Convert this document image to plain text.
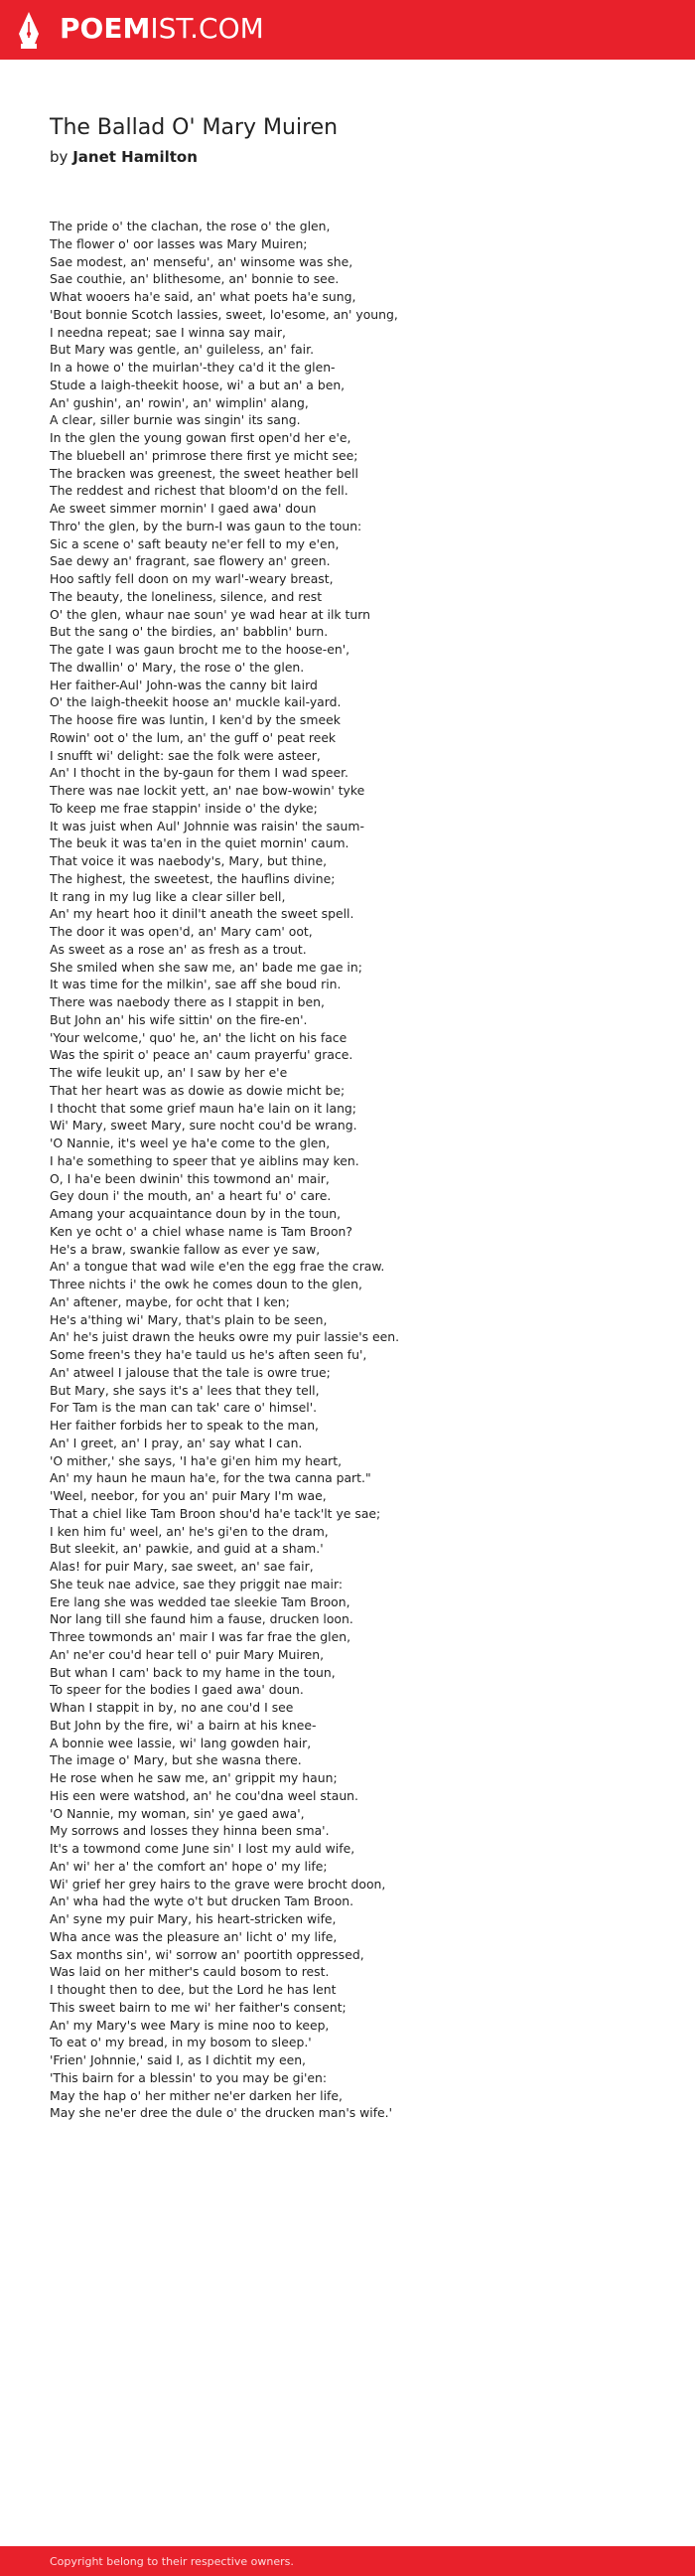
POEMIST.COM
The Ballad O' Mary Muiren
by Janet Hamilton
The pride o' the clachan, the rose o' the glen,
The flower o' oor lasses was Mary Muiren;
Sae modest, an' mensefu', an' winsome was she,
Sae couthie, an' blithesome, an' bonnie to see.
What wooers ha'e said, an' what poets ha'e sung,
'Bout bonnie Scotch lassies, sweet, lo'esome, an' young,
I needna repeat; sae I winna say mair,
But Mary was gentle, an' guileless, an' fair.
In a howe o' the muirlan'-they ca'd it the glen-
Stude a laigh-theekit hoose, wi' a but an' a ben,
An' gushin', an' rowin', an' wimplin' alang,
A clear, siller burnie was singin' its sang.
In the glen the young gowan first open'd her e'e,
The bluebell an' primrose there first ye micht see;
The bracken was greenest, the sweet heather bell
The reddest and richest that bloom'd on the fell.
Ae sweet simmer mornin' I gaed awa' doun
Thro' the glen, by the burn-I was gaun to the toun:
Sic a scene o' saft beauty ne'er fell to my e'en,
Sae dewy an' fragrant, sae flowery an' green.
Hoo saftly fell doon on my warl'-weary breast,
The beauty, the loneliness, silence, and rest
O' the glen, whaur nae soun' ye wad hear at ilk turn
But the sang o' the birdies, an' babblin' burn.
The gate I was gaun brocht me to the hoose-en',
The dwallin' o' Mary, the rose o' the glen.
Her faither-Aul' John-was the canny bit laird
O' the laigh-theekit hoose an' muckle kail-yard.
The hoose fire was luntin, I ken'd by the smeek
Rowin' oot o' the lum, an' the guff o' peat reek
I snufft wi' delight: sae the folk were asteer,
An' I thocht in the by-gaun for them I wad speer.
There was nae lockit yett, an' nae bow-wowin' tyke
To keep me frae stappin' inside o' the dyke;
It was juist when Aul' Johnnie was raisin' the saum-
The beuk it was ta'en in the quiet mornin' caum.
That voice it was naebody's, Mary, but thine,
The highest, the sweetest, the hauflins divine;
It rang in my lug like a clear siller bell,
An' my heart hoo it dinil't aneath the sweet spell.
The door it was open'd, an' Mary cam' oot,
As sweet as a rose an' as fresh as a trout.
She smiled when she saw me, an' bade me gae in;
It was time for the milkin', sae aff she boud rin.
There was naebody there as I stappit in ben,
But John an' his wife sittin' on the fire-en'.
'Your welcome,' quo' he, an' the licht on his face
Was the spirit o' peace an' caum prayerfu' grace.
The wife leukit up, an' I saw by her e'e
That her heart was as dowie as dowie micht be;
I thocht that some grief maun ha'e lain on it lang;
Wi' Mary, sweet Mary, sure nocht cou'd be wrang.
'O Nannie, it's weel ye ha'e come to the glen,
I ha'e something to speer that ye aiblins may ken.
O, I ha'e been dwinin' this towmond an' mair,
Gey doun i' the mouth, an' a heart fu' o' care.
Amang your acquaintance doun by in the toun,
Ken ye ocht o' a chiel whase name is Tam Broon?
He's a braw, swankie fallow as ever ye saw,
An' a tongue that wad wile e'en the egg frae the craw.
Three nichts i' the owk he comes doun to the glen,
An' aftener, maybe, for ocht that I ken;
He's a'thing wi' Mary, that's plain to be seen,
An' he's juist drawn the heuks owre my puir lassie's een.
Some freen's they ha'e tauld us he's aften seen fu',
An' atweel I jalouse that the tale is owre true;
But Mary, she says it's a' lees that they tell,
For Tam is the man can tak' care o' himsel'.
Her faither forbids her to speak to the man,
An' I greet, an' I pray, an' say what I can.
'O mither,' she says, 'I ha'e gi'en him my heart,
An' my haun he maun ha'e, for the twa canna part."
'Weel, neebor, for you an' puir Mary I'm wae,
That a chiel like Tam Broon shou'd ha'e tack'lt ye sae;
I ken him fu' weel, an' he's gi'en to the dram,
But sleekit, an' pawkie, and guid at a sham.'
Alas! for puir Mary, sae sweet, an' sae fair,
She teuk nae advice, sae they priggit nae mair:
Ere lang she was wedded tae sleekie Tam Broon,
Nor lang till she faund him a fause, drucken loon.
Three towmonds an' mair I was far frae the glen,
An' ne'er cou'd hear tell o' puir Mary Muiren,
But whan I cam' back to my hame in the toun,
To speer for the bodies I gaed awa' doun.
Whan I stappit in by, no ane cou'd I see
But John by the fire, wi' a bairn at his knee-
A bonnie wee lassie, wi' lang gowden hair,
The image o' Mary, but she wasna there.
He rose when he saw me, an' grippit my haun;
His een were watshod, an' he cou'dna weel staun.
'O Nannie, my woman, sin' ye gaed awa',
My sorrows and losses they hinna been sma'.
It's a towmond come June sin' I lost my auld wife,
An' wi' her a' the comfort an' hope o' my life;
Wi' grief her grey hairs to the grave were brocht doon,
An' wha had the wyte o't but drucken Tam Broon.
An' syne my puir Mary, his heart-stricken wife,
Wha ance was the pleasure an' licht o' my life,
Sax months sin', wi' sorrow an' poortith oppressed,
Was laid on her mither's cauld bosom to rest.
I thought then to dee, but the Lord he has lent
This sweet bairn to me wi' her faither's consent;
An' my Mary's wee Mary is mine noo to keep,
To eat o' my bread, in my bosom to sleep.'
'Frien' Johnnie,' said I, as I dichtit my een,
'This bairn for a blessin' to you may be gi'en:
May the hap o' her mither ne'er darken her life,
May she ne'er dree the dule o' the drucken man's wife.'
Copyright belong to their respective owners.
